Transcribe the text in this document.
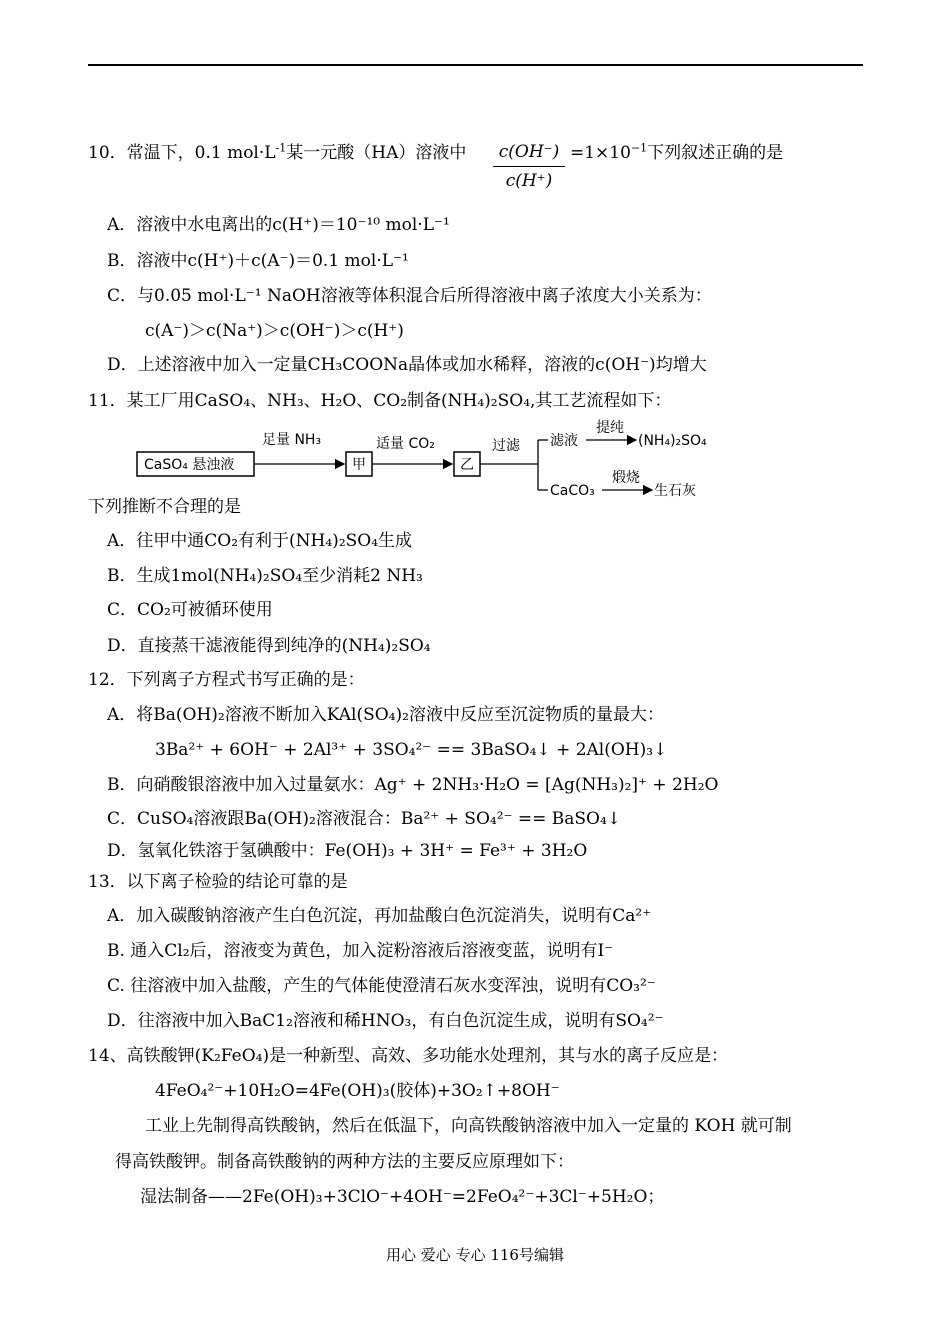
10．常温下，0.1 $mol\cdot L^{-1}$某一元酸（HA）溶液中	c(OH⁻)
c(H⁺)
$=1\times 10^{-1}$下列叙述正确的是
A．溶液中水电离出的c(H⁺)＝10⁻¹⁰ mol·L⁻¹
B．溶液中c(H⁺)＋c(A⁻)＝0.1 mol·L⁻¹
C．与0.05 mol·L⁻¹ NaOH溶液等体积混合后所得溶液中离子浓度大小关系为：
c(A⁻)＞c(Na⁺)＞c(OH⁻)＞c(H⁺)
D．上述溶液中加入一定量CH₃COONa晶体或加水稀释，溶液的c(OH⁻)均增大
11．某工厂用CaSO₄、NH₃、H₂O、CO₂制备(NH₄)₂SO₄,其工艺流程如下：
CaSO₄ 悬浊液
足量 NH₃
甲
适量 CO₂
乙
过滤 滤液
提纯
(NH₄)₂SO₄
CaCO₃
煅烧
生石灰
下列推断不合理的是
A．往甲中通CO₂有利于(NH₄)₂SO₄生成
B．生成1mol(NH₄)₂SO₄至少消耗2 NH₃
C．CO₂可被循环使用
D．直接蒸干滤液能得到纯净的(NH₄)₂SO₄
12．下列离子方程式书写正确的是：
A．将Ba(OH)₂溶液不断加入KAl(SO₄)₂溶液中反应至沉淀物质的量最大：
3Ba²⁺ + 6OH⁻ + 2Al³⁺ + 3SO₄²⁻ == 3BaSO₄↓ + 2Al(OH)₃↓
B．向硝酸银溶液中加入过量氨水：Ag⁺ + 2NH₃·H₂O = [Ag(NH₃)₂]⁺ + 2H₂O
C．CuSO₄溶液跟Ba(OH)₂溶液混合：Ba²⁺ + SO₄²⁻ == BaSO₄↓
D．氢氧化铁溶于氢碘酸中：Fe(OH)₃ + 3H⁺ = Fe³⁺ + 3H₂O
13．以下离子检验的结论可靠的是
A．加入碳酸钠溶液产生白色沉淀，再加盐酸白色沉淀消失，说明有Ca²⁺
B. 通入Cl₂后，溶液变为黄色，加入淀粉溶液后溶液变蓝，说明有I⁻
C. 往溶液中加入盐酸，产生的气体能使澄清石灰水变浑浊，说明有CO₃²⁻
D．往溶液中加入BaC1₂溶液和稀HNO₃，有白色沉淀生成，说明有SO₄²⁻
14、高铁酸钾(K₂FeO₄)是一种新型、高效、多功能水处理剂，其与水的离子反应是：
4FeO₄²⁻+10H₂O=4Fe(OH)₃(胶体)+3O₂↑+8OH⁻
工业上先制得高铁酸钠，然后在低温下，向高铁酸钠溶液中加入一定量的 KOH 就可制
得高铁酸钾。制备高铁酸钠的两种方法的主要反应原理如下：
湿法制备——2Fe(OH)₃+3ClO⁻+4OH⁻=2FeO₄²⁻+3Cl⁻+5H₂O；
用心 爱心 专心 116号编辑
